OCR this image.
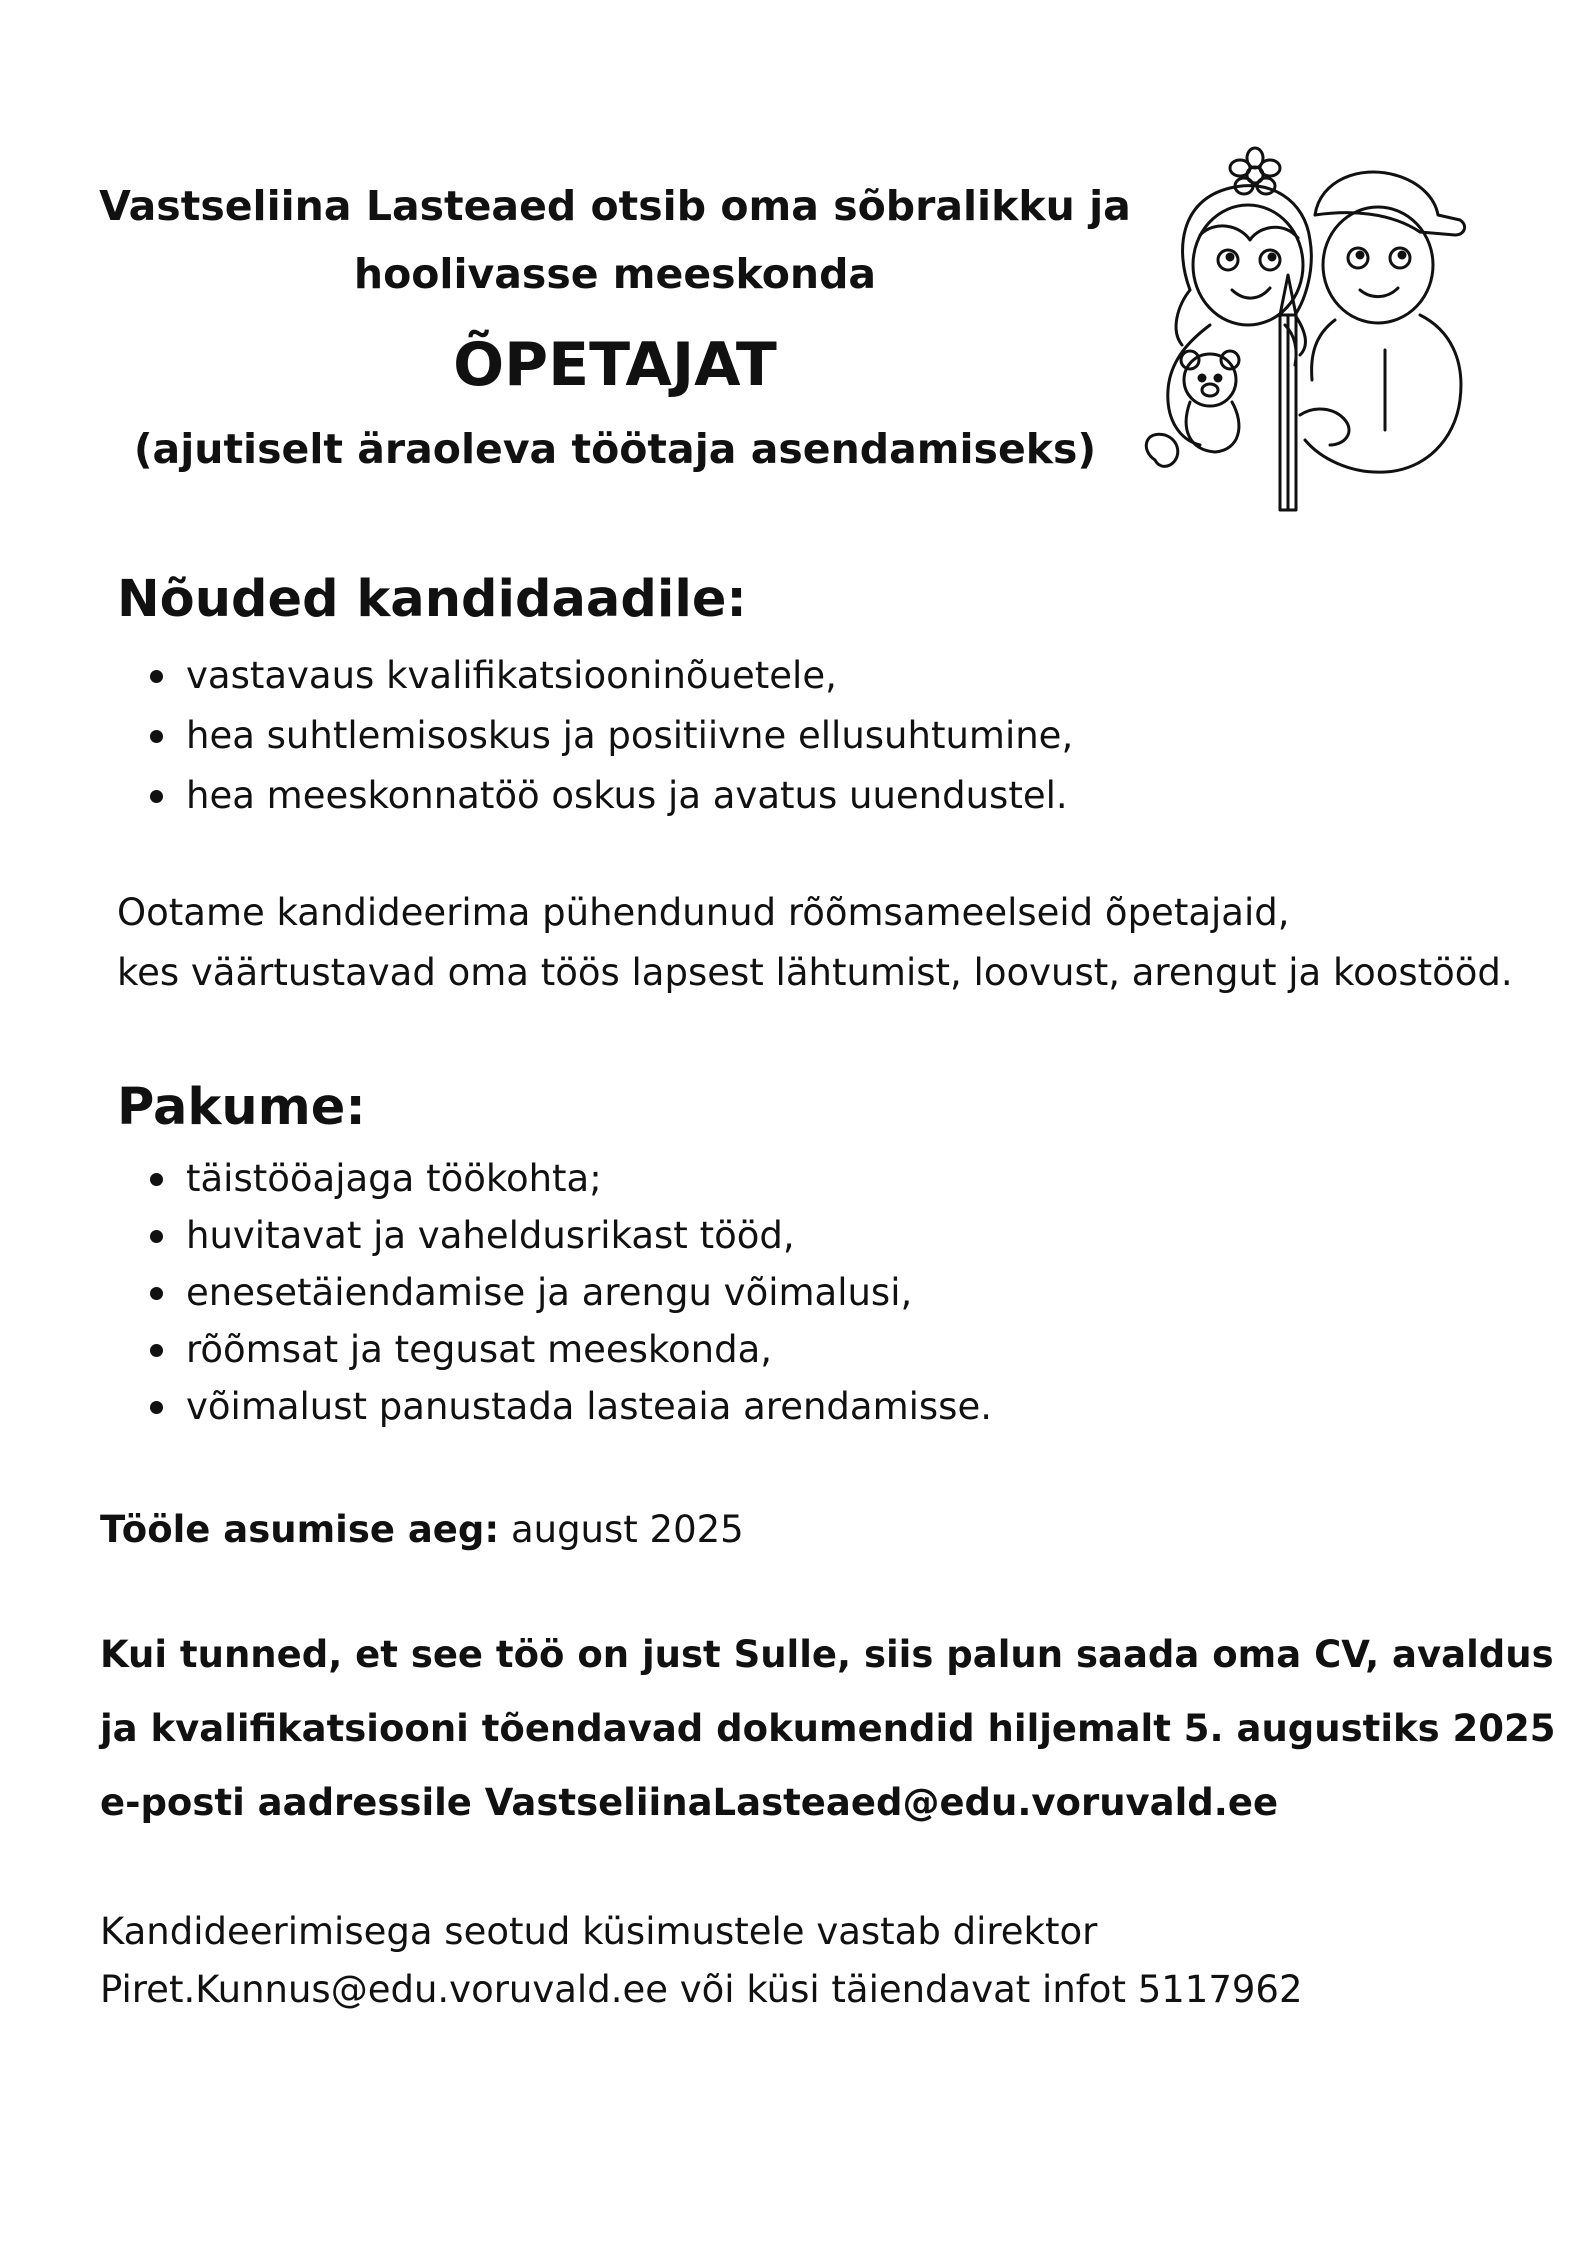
Vastseliina Lasteaed otsib oma sõbralikku ja
hoolivasse meeskonda
ÕPETAJAT
(ajutiselt äraoleva töötaja asendamiseks)
Nõuded kandidaadile:
vastavaus kvalifikatsiooninõuetele,
hea suhtlemisoskus ja positiivne ellusuhtumine,
hea meeskonnatöö oskus ja avatus uuendustel.
Ootame kandideerima pühendunud rõõmsameelseid õpetajaid,
kes väärtustavad oma töös lapsest lähtumist, loovust, arengut ja koostööd.
Pakume:
täistööajaga töökohta;
huvitavat ja vaheldusrikast tööd,
enesetäiendamise ja arengu võimalusi,
rõõmsat ja tegusat meeskonda,
võimalust panustada lasteaia arendamisse.
Tööle asumise aeg: august 2025
Kui tunned, et see töö on just Sulle, siis palun saada oma CV, avaldus
ja kvalifikatsiooni tõendavad dokumendid hiljemalt 5. augustiks 2025
e-posti aadressile VastseliinaLasteaed@edu.voruvald.ee
Kandideerimisega seotud küsimustele vastab direktor
Piret.Kunnus@edu.voruvald.ee või küsi täiendavat infot 5117962
